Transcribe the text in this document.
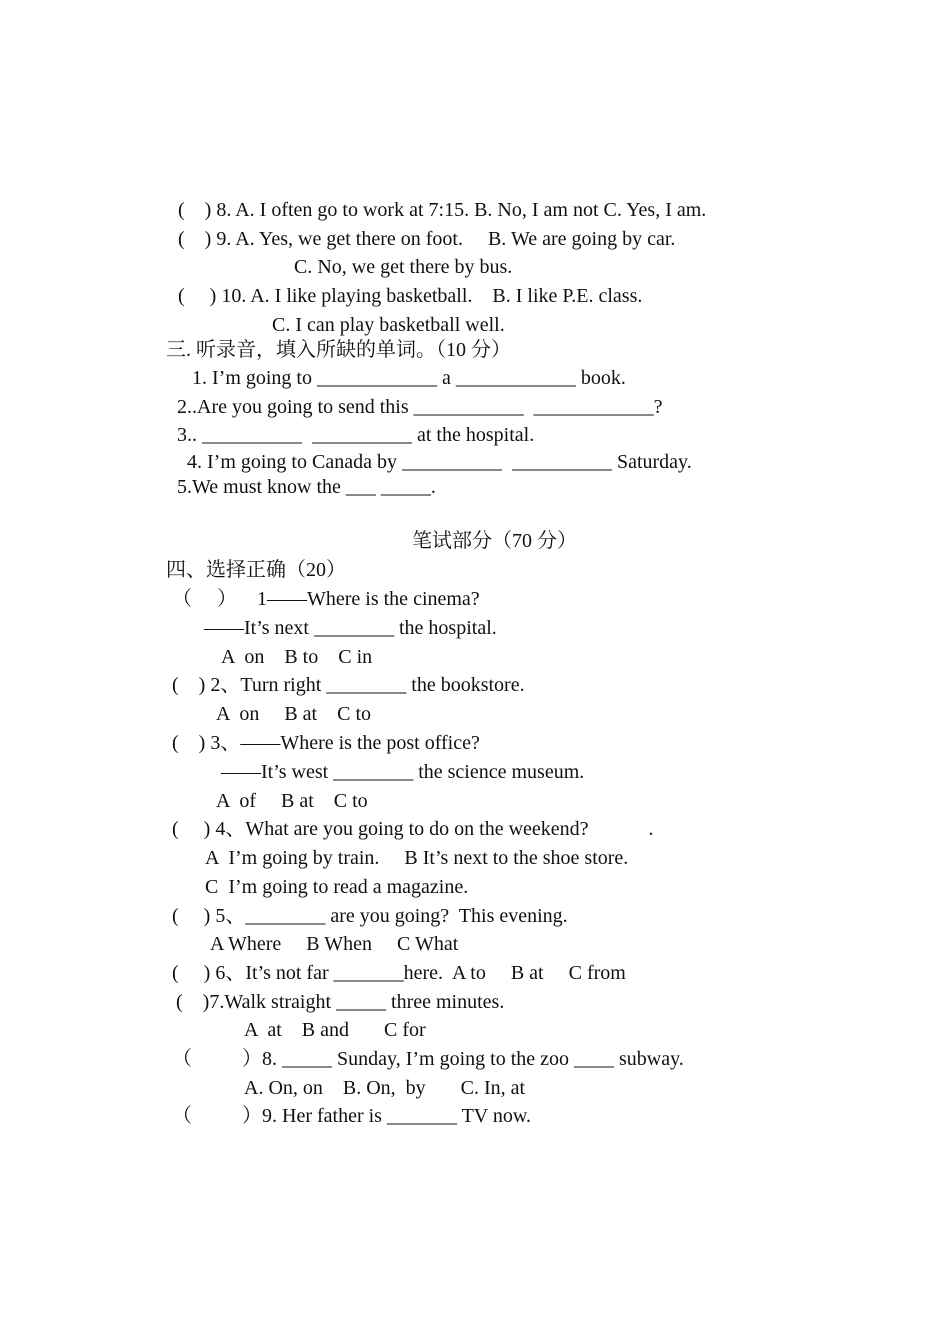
(    ) 8. A. I often go to work at 7:15. B. No, I am not C. Yes, I am.
(    ) 9. A. Yes, we get there on foot.     B. We are going by car.
C. No, we get there by bus.
(     ) 10. A. I like playing basketball.    B. I like P.E. class.
C. I can play basketball well.
三. 听录音，填入所缺的单词。（10 分）
1. I’m going to ____________ a ____________ book.
2..Are you going to send this ___________  ____________?
3.. __________  __________ at the hospital.
4. I’m going to Canada by __________  __________ Saturday.
5.We must know the ___ _____.
笔试部分（70 分）
四、选择正确（20）
（     ）    1——Where is the cinema?
——It’s next ________ the hospital.
A  on    B to    C in
(    ) 2、Turn right ________ the bookstore.
A  on     B at    C to
(    ) 3、——Where is the post office?
——It’s west ________ the science museum.
A  of     B at    C to
(     ) 4、What are you going to do on the weekend?            .
A  I’m going by train.     B It’s next to the shoe store.
C  I’m going to read a magazine.
(     ) 5、________ are you going?  This evening.
A Where     B When     C What
(     ) 6、It’s not far _______here.  A to     B at     C from
(    )7.Walk straight _____ three minutes.
A  at    B and       C for
（          ）8. _____ Sunday, I’m going to the zoo ____ subway.
A. On, on    B. On,  by       C. In, at
（          ）9. Her father is _______ TV now.
